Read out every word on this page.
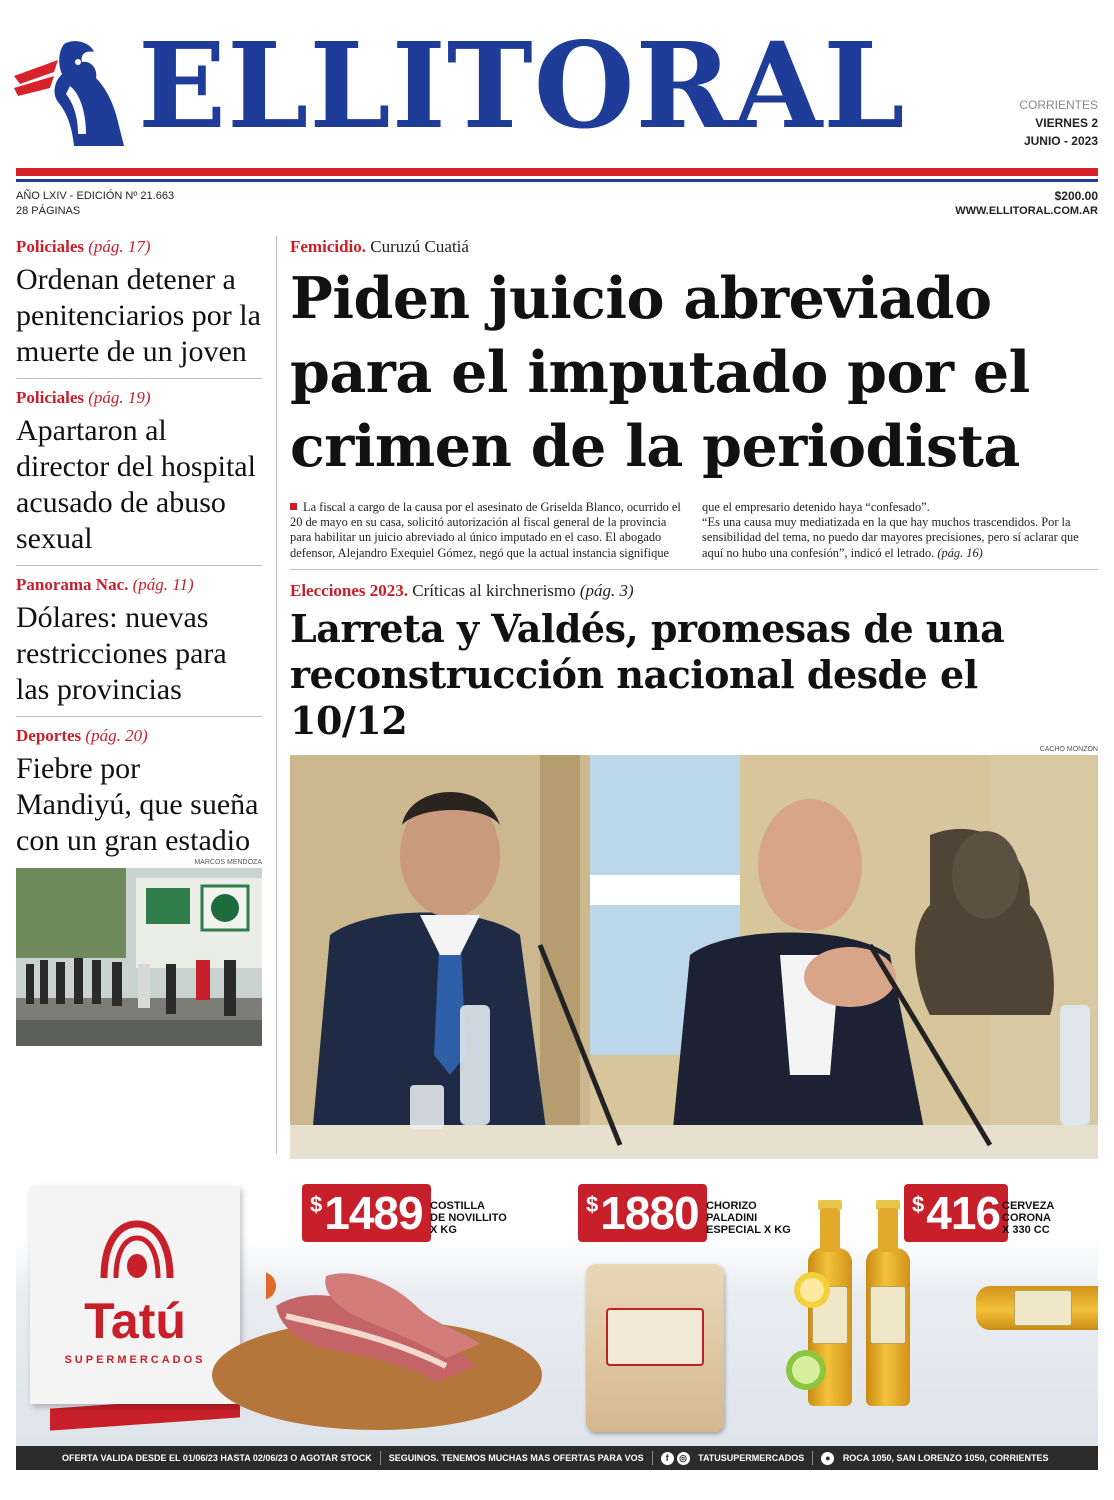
ELLITORAL	CORRIENTES
VIERNES 2
JUNIO - 2023
AÑO LXIV - EDICIÓN Nº 21.663
28 PÁGINAS
$200.00
WWW.ELLITORAL.COM.AR
Policiales (pág. 17)
Ordenan detener a penitenciarios por la muerte de un joven
Policiales (pág. 19)
Apartaron al director del hospital acusado de abuso sexual
Panorama Nac. (pág. 11)
Dólares: nuevas restricciones para las provincias
Deportes (pág. 20)
Fiebre por Mandiyú, que sueña con un gran estadio
MARCOS MENDOZA
Femicidio. Curuzú Cuatiá
Piden juicio abreviado para el imputado por el crimen de la periodista
La fiscal a cargo de la causa por el asesinato de Griselda Blanco, ocurrido el 20 de mayo en su casa, solicitó autorización al fiscal general de la provincia para habilitar un juicio abreviado al único imputado en el caso. El abogado defensor, Alejandro Exequiel Gómez, negó que la actual instancia signifique
que el empresario detenido haya “confesado”.
“Es una causa muy mediatizada en la que hay muchos trascendidos. Por la sensibilidad del tema, no puedo dar mayores precisiones, pero sí aclarar que aquí no hubo una confesión”, indicó el letrado. (pág. 16)
Elecciones 2023. Críticas al kirchnerismo (pág. 3)
Larreta y Valdés, promesas de una reconstrucción nacional desde el 10/12
CACHO MONZÓN
Tatú
SUPERMERCADOS
$ 1489 COSTILLA
DE NOVILLITO
X KG
$ 1880 CHORIZO
PALADINI
ESPECIAL X KG
$ 416 CERVEZA
CORONA
X 330 CC
OFERTA VALIDA DESDE EL 01/06/23 HASTA 02/06/23 O AGOTAR STOCK	SEGUINOS. TENEMOS MUCHAS MAS OFERTAS PARA VOS	f ◎ TATUSUPERMERCADOS	● ROCA 1050, SAN LORENZO 1050, CORRIENTES
